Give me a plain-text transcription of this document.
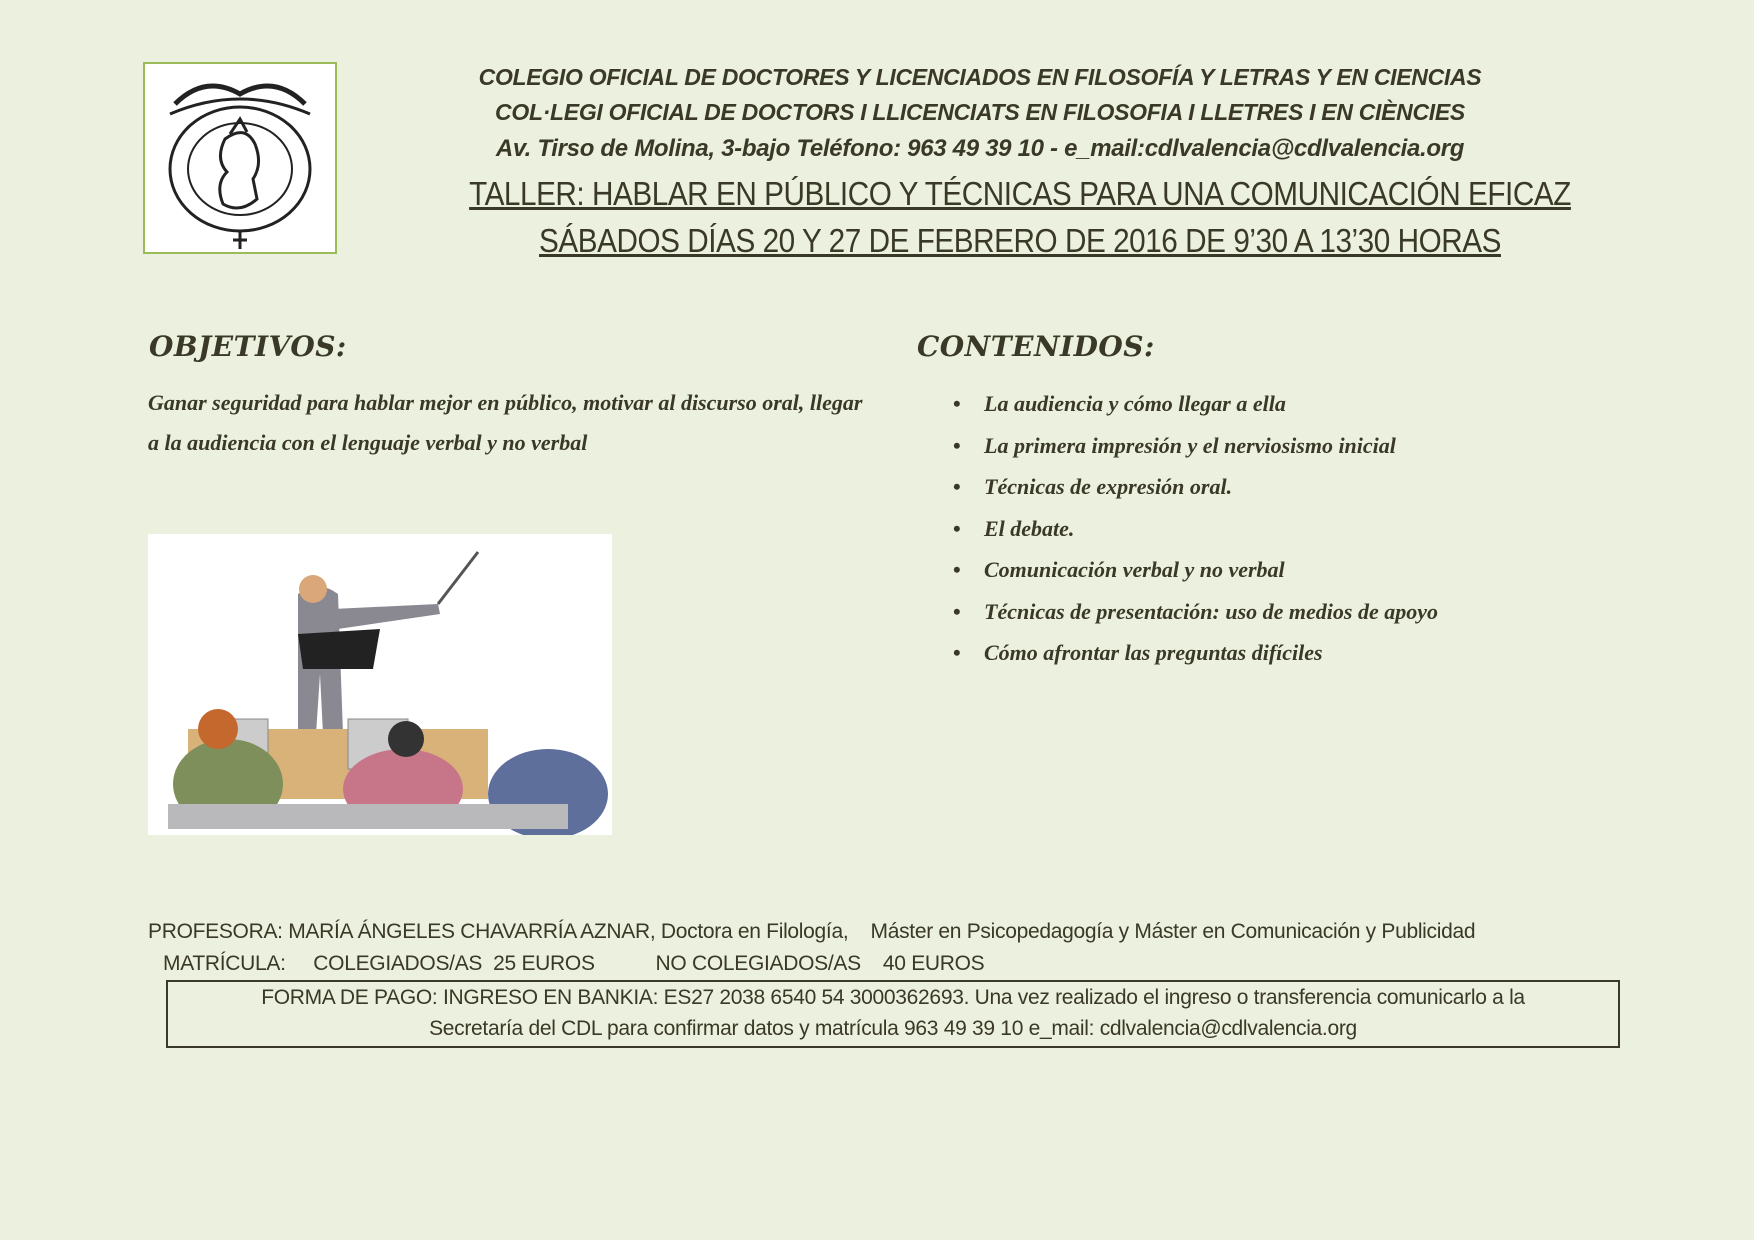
COLEGIO OFICIAL DE DOCTORES Y LICENCIADOS EN FILOSOFÍA Y LETRAS Y EN CIENCIAS
COL·LEGI OFICIAL DE DOCTORS I LLICENCIATS EN FILOSOFIA I LLETRES I EN CIÈNCIES
Av. Tirso de Molina, 3-bajo Teléfono: 963 49 39 10 - e_mail:cdlvalencia@cdlvalencia.org
TALLER: HABLAR EN PÚBLICO Y TÉCNICAS PARA UNA COMUNICACIÓN EFICAZ
SÁBADOS DÍAS 20 Y 27 DE FEBRERO DE 2016 DE 9’30 A 13’30 HORAS
OBJETIVOS:
Ganar seguridad para hablar mejor en público, motivar al discurso oral, llegar a la audiencia con el lenguaje verbal y no verbal
CONTENIDOS:
• La audiencia y cómo llegar a ella
• La primera impresión y el nerviosismo inicial
• Técnicas de expresión oral.
• El debate.
• Comunicación verbal y no verbal
• Técnicas de presentación: uso de medios de apoyo
• Cómo afrontar las preguntas difíciles
PROFESORA: MARÍA ÁNGELES CHAVARRÍA AZNAR, Doctora en Filología,    Máster en Psicopedagogía y Máster en Comunicación y Publicidad
MATRÍCULA:     COLEGIADOS/AS  25 EUROS           NO COLEGIADOS/AS    40 EUROS
FORMA DE PAGO: INGRESO EN BANKIA: ES27 2038 6540 54 3000362693. Una vez realizado el ingreso o transferencia comunicarlo a la
Secretaría del CDL para confirmar datos y matrícula 963 49 39 10 e_mail: cdlvalencia@cdlvalencia.org
